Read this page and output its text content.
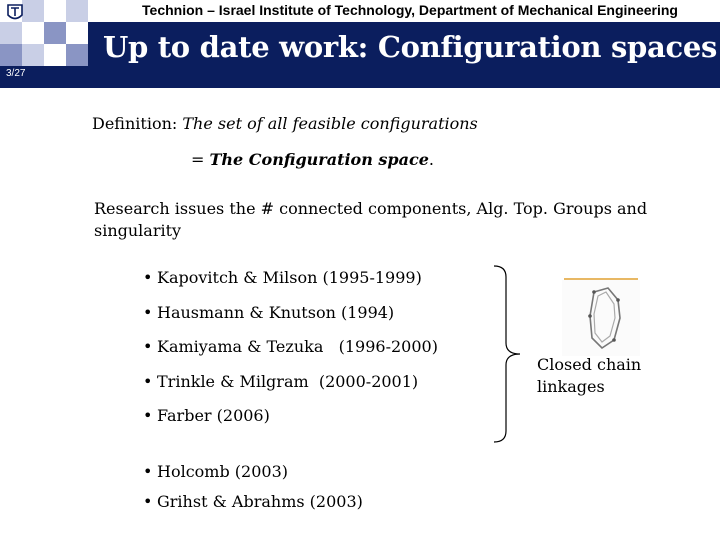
Technion – Israel Institute of Technology, Department of Mechanical Engineering
3/27
Up to date work: Configuration spaces
Definition: The set of all feasible configurations
= The Configuration space.
Research issues the # connected components, Alg. Top. Groups and singularity
• Kapovitch & Milson (1995-1999)
• Hausmann & Knutson (1994)
• Kamiyama & Tezuka   (1996-2000)
• Trinkle & Milgram  (2000-2001)
• Farber (2006)
• Holcomb (2003)
• Grihst & Abrahms (2003)
Closed chain
linkages
